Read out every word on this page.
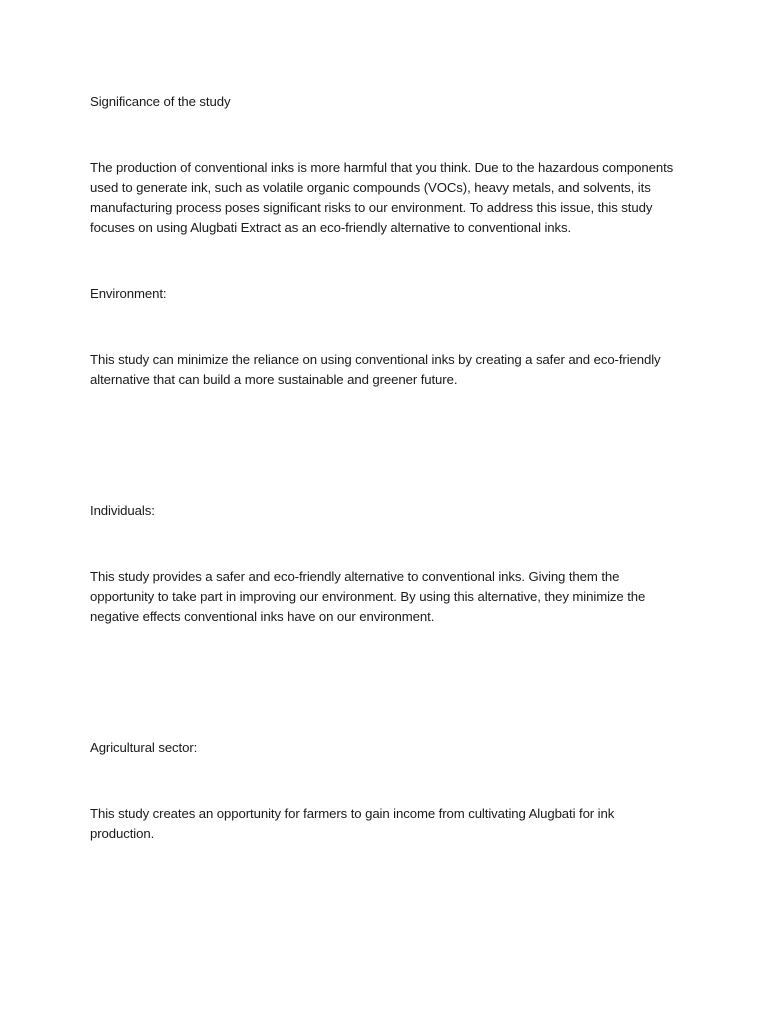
Significance of the study

The production of conventional inks is more harmful that you think. Due to the hazardous components used to generate ink, such as volatile organic compounds (VOCs), heavy metals, and solvents, its manufacturing process poses significant risks to our environment. To address this issue, this study focuses on using Alugbati Extract as an eco-friendly alternative to conventional inks.

Environment:

This study can minimize the reliance on using conventional inks by creating a safer and eco-friendly alternative that can build a more sustainable and greener future.

Individuals:

This study provides a safer and eco-friendly alternative to conventional inks. Giving them the opportunity to take part in improving our environment. By using this alternative, they minimize the negative effects conventional inks have on our environment.

Agricultural sector:

This study creates an opportunity for farmers to gain income from cultivating Alugbati for ink production.
